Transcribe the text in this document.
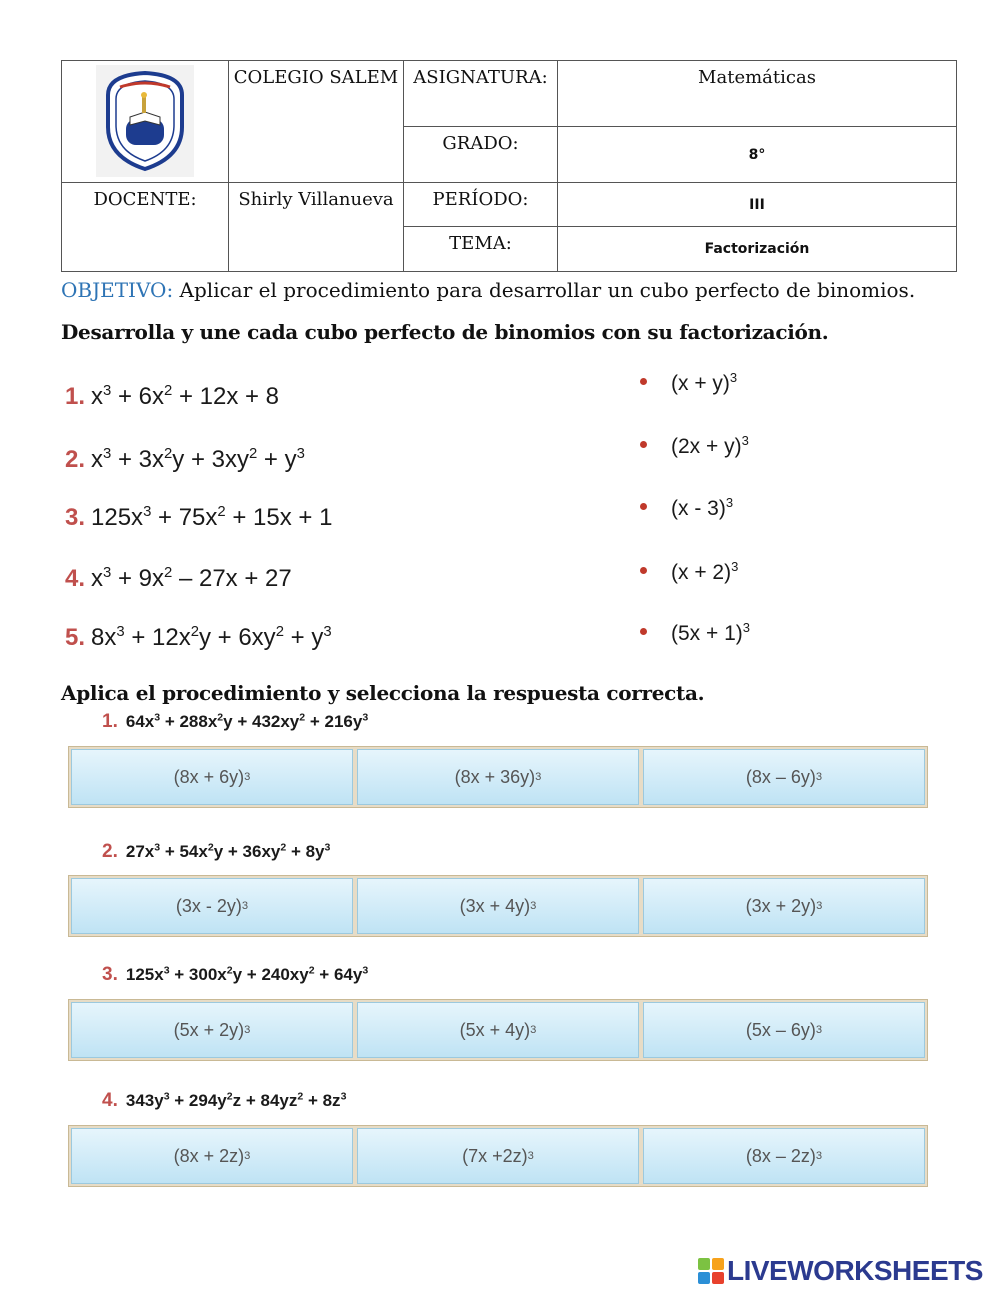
	COLEGIO SALEM	ASIGNATURA:	Matemáticas
		GRADO:	8°
DOCENTE:	Shirly Villanueva	PERÍODO:	III
		TEMA:	Factorización
OBJETIVO: Aplicar el procedimiento para desarrollar un cubo perfecto de binomios.
Desarrolla y une cada cubo perfecto de binomios con su factorización.
1. $x^3 + 6x^2 + 12x + 8$
2. $x^3 + 3x^2y + 3xy^2 + y^3$
3. $125x^3 + 75x^2 + 15x + 1$
4. $x^3 + 9x^2 - 27x + 27$
5. $8x^3 + 12x^2y + 6xy^2 + y^3$
$(x + y)^3$
$(2x + y)^3$
(x - 3)$^3$
$(x + 2)^3$
$(5x + 1)^3$
Aplica el procedimiento y selecciona la respuesta correcta.
1. $64x^3 + 288x^2y + 432xy^2 + 216y^3$
(8x + 6y) 3	(8x + 36y) 3	(8x – 6y) 3
2. $27x^3 + 54x^2y + 36xy^2 + 8y^3$
(3x - 2y) 3	(3x + 4y) 3	(3x + 2y) 3
3. $125x^3 + 300x^2y + 240xy^2 + 64y^3$
(5x + 2y) 3	(5x + 4y) 3	(5x – 6y) 3
4. $343y^3 + 294y^2z + 84yz^2 + 8z^3$
(8x + 2z) 3	(7x +2z) 3	(8x – 2z) 3
LIVEWORKSHEETS
